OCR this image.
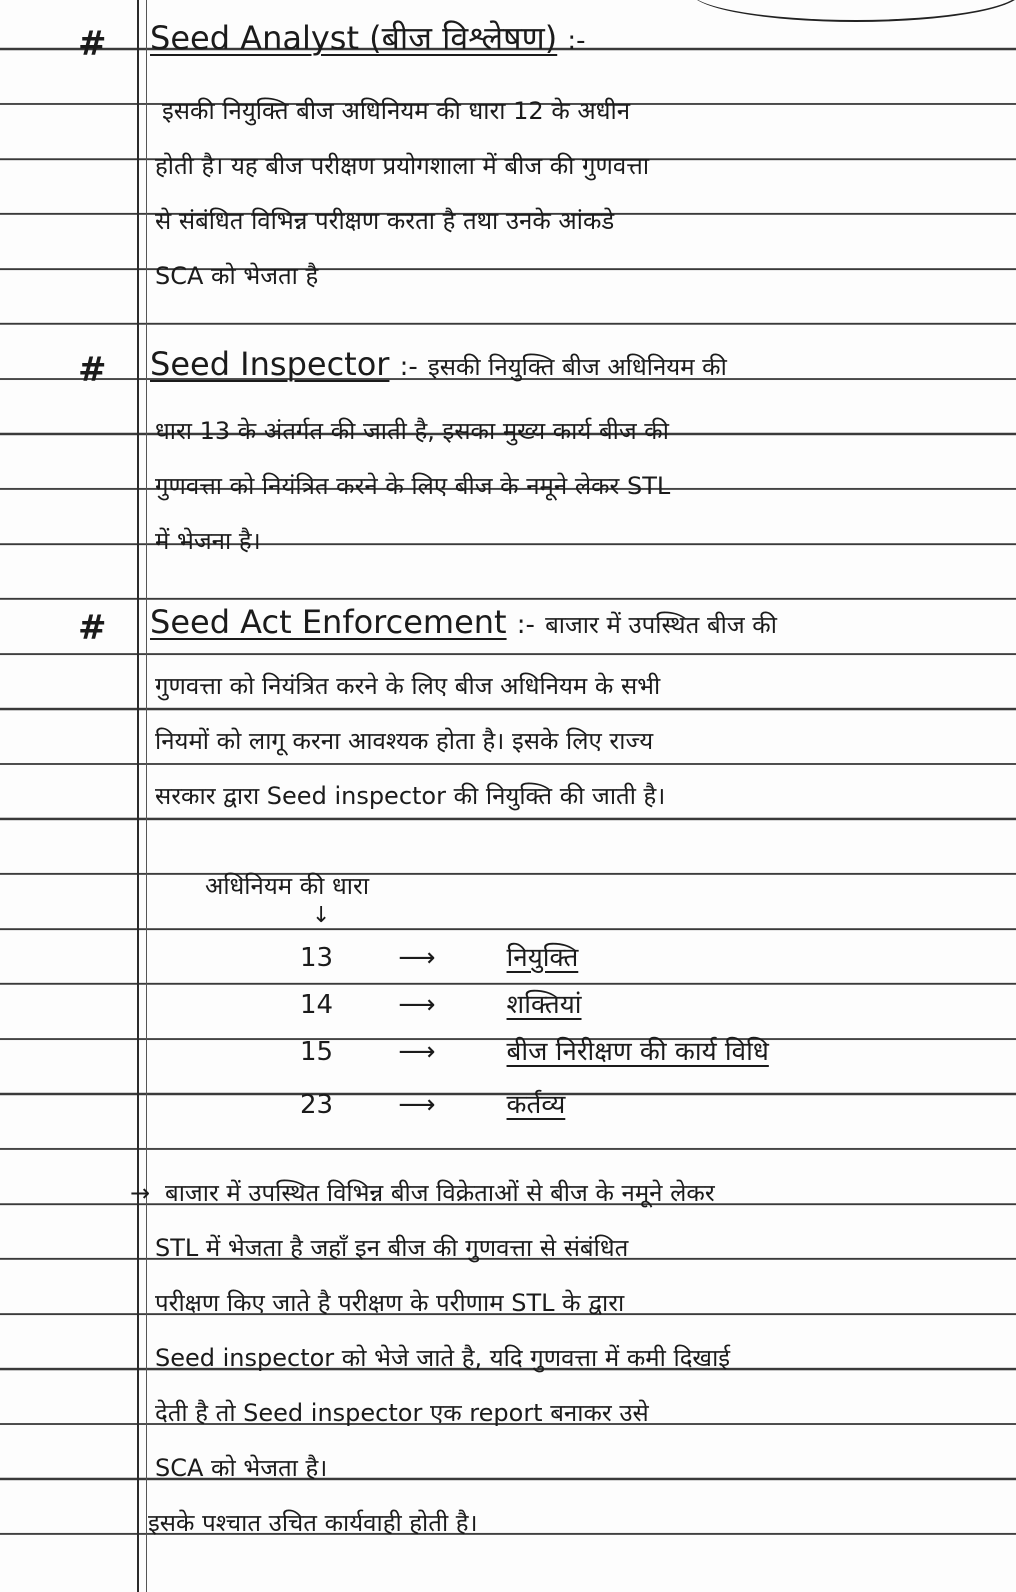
# Seed Analyst (बीज विश्लेषण) :-
इसकी नियुक्ति बीज अधिनियम की धारा 12 के अधीन
होती है। यह बीज परीक्षण प्रयोगशाला में बीज की गुणवत्ता
से संबंधित विभिन्न परीक्षण करता है तथा उनके आंकडे
SCA को भेजता है
# Seed Inspector :- इसकी नियुक्ति बीज अधिनियम की
धारा 13 के अंतर्गत की जाती है, इसका मुख्य कार्य बीज की
गुणवत्ता को नियंत्रित करने के लिए बीज के नमूने लेकर STL
में भेजना है।
# Seed Act Enforcement :- बाजार में उपस्थित बीज की
गुणवत्ता को नियंत्रित करने के लिए बीज अधिनियम के सभी
नियमों को लागू करना आवश्यक होता है। इसके लिए राज्य
सरकार द्वारा Seed inspector की नियुक्ति की जाती है।
अधिनियम की धारा
↓
13	⟶	नियुक्ति
14	⟶	शक्तियां
15	⟶	बीज निरीक्षण की कार्य विधि
23	⟶	कर्तव्य
→ बाजार में उपस्थित विभिन्न बीज विक्रेताओं से बीज के नमूने लेकर
STL में भेजता है जहाँ इन बीज की गुणवत्ता से संबंधित
परीक्षण किए जाते है परीक्षण के परीणाम STL के द्वारा
Seed inspector को भेजे जाते है, यदि गुणवत्ता में कमी दिखाई
देती है तो Seed inspector एक report बनाकर उसे
SCA को भेजता है।
इसके पश्चात उचित कार्यवाही होती है।
